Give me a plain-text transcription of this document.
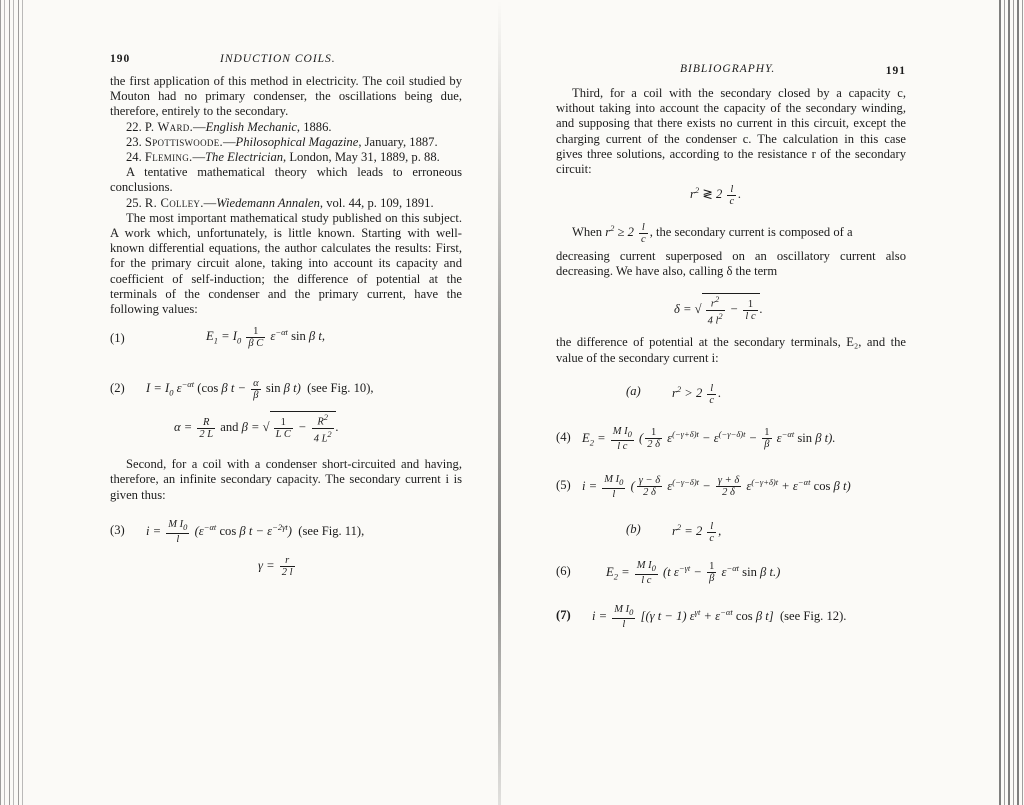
190	INDUCTION COILS.

the first application of this method in electricity. The coil studied by Mouton had no primary condenser, the oscillations being due, therefore, entirely to the secondary.

22. P. Ward.—English Mechanic, 1886.

23. Spottiswoode.—Philosophical Magazine, January, 1887.

24. Fleming.—The Electrician, London, May 31, 1889, p. 88.

A tentative mathematical theory which leads to erroneous conclusions.

25. R. Colley.—Wiedemann Annalen, vol. 44, p. 109, 1891.

The most important mathematical study published on this subject. A work which, unfortunately, is little known. Starting with well-known differential equations, the author calculates the results: First, for the primary circuit alone, taking into account its capacity and coefficient of self-induction; the difference of potential at the terminals of the condenser and the primary current, have the following values:

(1)	$E_1 = I_0 \frac{1}{\text{β C}} \varepsilon^{-\alpha t}$ sin β t,
(2) $I = I_0$ $\varepsilon^{-\alpha t}$ (cos β $t - \frac{\alpha}{\beta}$ sin β t)  (see Fig. 10),
$\alpha = \frac{R}{2 L}$ and β = √ $\frac{1}{\text{L C}} - \frac{R^2}{4 L^2}$ .

Second, for a coil with a condenser short-circuited and having, therefore, an infinite secondary capacity. The secondary current i is given thus:

(3) $i = \frac{M I_0}{l} (\varepsilon^{-\alpha t}$ cos β $t - \varepsilon^{-2\gamma t}$)  (see Fig. 11),
$\gamma = \frac{r}{2 l}$
BIBLIOGRAPHY.	191

Third, for a coil with the secondary closed by a capacity c, without taking into account the capacity of the secondary winding, and supposing that there exists no current in this circuit, except the charging current of the condenser c. The calculation in this case gives three solutions, according to the resistance r of the secondary circuit:

$r^2$ ≷ $2 \frac{l}{c}$ .

When $r^2 \ge 2 \frac{l}{c}$ , the secondary current is composed of a

decreasing current superposed on an oscillatory current also decreasing. We have also, calling δ the term

δ = √ $\frac{r^2}{4 l^2} - \frac{1}{\text{l c}}$ .

the difference of potential at the secondary terminals, E₂, and the value of the secondary current i:

(a) $r^2 > 2 \frac{l}{c}$ .
(4) $E_2 = \frac{M I_0}{\text{l c}}$ ( $\frac{1}{2 \delta} \varepsilon^{(-\gamma+\delta)t} - \varepsilon^{(-\gamma-\delta)t} - \frac{1}{\beta} \varepsilon^{-\alpha t}$ sin β t).
(5) $i = \frac{M I_0}{l}$ ( $\frac{\gamma - \delta}{2 \delta} \varepsilon^{(-\gamma-\delta)t} - \frac{\gamma + \delta}{2 \delta} \varepsilon^{(-\gamma+\delta)t} + \varepsilon^{-\alpha t}$ cos β t)
(b) $r^2 = 2 \frac{l}{c}$ ,
(6)	$E_2 = \frac{M I_0}{\text{l c}} (t$ $\varepsilon^{-\gamma t} - \frac{1}{\beta} \varepsilon^{-\alpha t}$ sin β t.)
(7) $i = \frac{M I_0}{l} [(\gamma$ t − 1) $\varepsilon^{\gamma t} + \varepsilon^{-\alpha t}$ cos β t]  (see Fig. 12).
